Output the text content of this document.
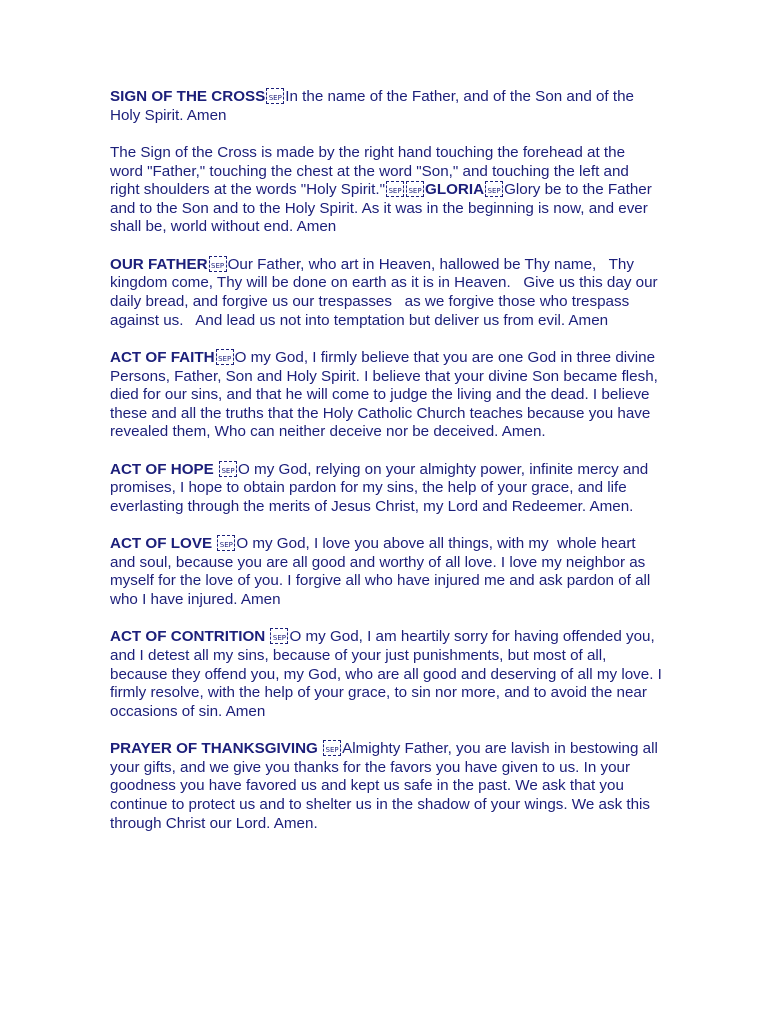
SIGN OF THE CROSS SEP In the name of the Father, and of the Son and of the Holy Spirit. Amen

The Sign of the Cross is made by the right hand touching the forehead at the word "Father," touching the chest at the word "Son," and touching the left and right shoulders at the words "Holy Spirit." SEP SEP GLORIA SEP Glory be to the Father and to the Son and to the Holy Spirit. As it was in the beginning is now, and ever shall be, world without end. Amen

OUR FATHER SEP Our Father, who art in Heaven, hallowed be Thy name,   Thy kingdom come, Thy will be done on earth as it is in Heaven.   Give us this day our daily bread, and forgive us our trespasses   as we forgive those who trespass against us.   And lead us not into temptation but deliver us from evil. Amen

ACT OF FAITH SEP O my God, I firmly believe that you are one God in three divine Persons, Father, Son and Holy Spirit. I believe that your divine Son became flesh, died for our sins, and that he will come to judge the living and the dead. I believe these and all the truths that the Holy Catholic Church teaches because you have revealed them, Who can neither deceive nor be deceived. Amen.

ACT OF HOPE SEP O my God, relying on your almighty power, infinite mercy and promises, I hope to obtain pardon for my sins, the help of your grace, and life everlasting through the merits of Jesus Christ, my Lord and Redeemer. Amen.

ACT OF LOVE SEP O my God, I love you above all things, with my  whole heart and soul, because you are all good and worthy of all love. I love my neighbor as myself for the love of you. I forgive all who have injured me and ask pardon of all who I have injured. Amen

ACT OF CONTRITION SEP O my God, I am heartily sorry for having offended you, and I detest all my sins, because of your just punishments, but most of all, because they offend you, my God, who are all good and deserving of all my love. I firmly resolve, with the help of your grace, to sin nor more, and to avoid the near occasions of sin. Amen

PRAYER OF THANKSGIVING SEP Almighty Father, you are lavish in bestowing all your gifts, and we give you thanks for the favors you have given to us. In your goodness you have favored us and kept us safe in the past. We ask that you continue to protect us and to shelter us in the shadow of your wings. We ask this through Christ our Lord. Amen.
